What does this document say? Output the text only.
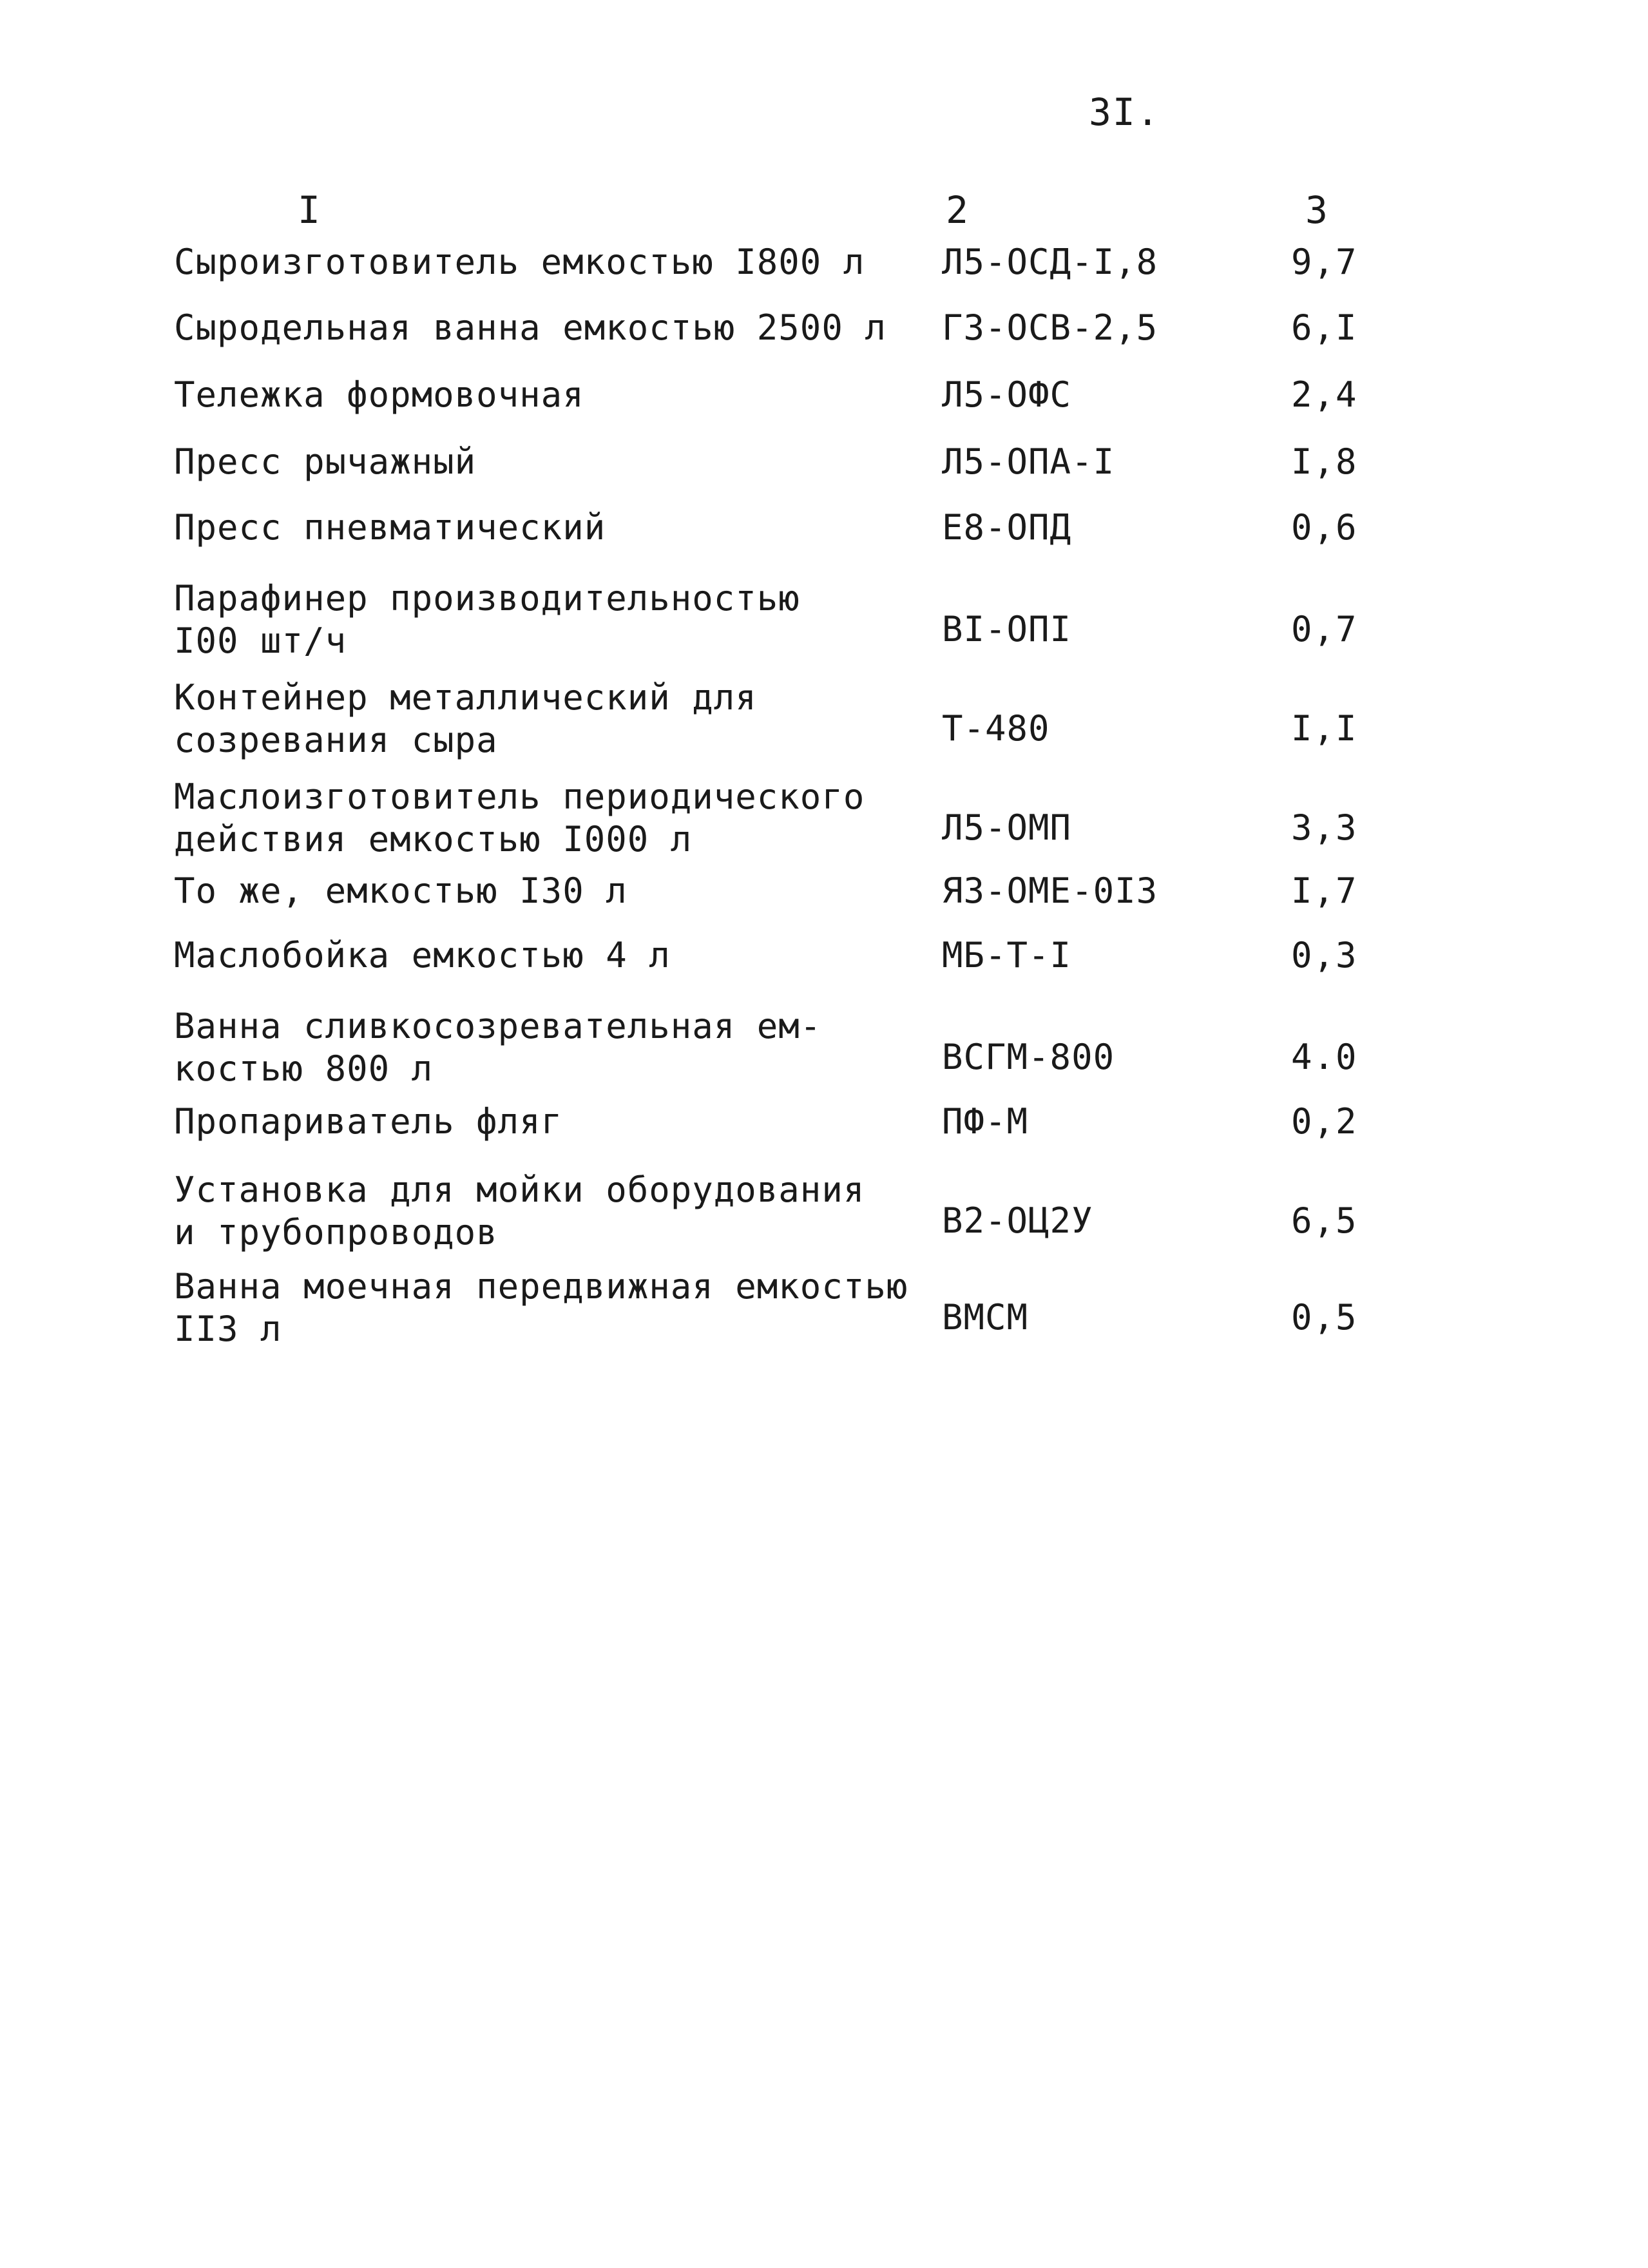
3I.
I	2	3
Сыроизготовитель емкостью I800 л	Л5-ОСД-I,8	9,7
Сыродельная ванна емкостью 2500 л	Г3-ОСВ-2,5	6,I
Тележка формовочная	Л5-ОФС	2,4
Пресс рычажный	Л5-ОПА-I	I,8
Пресс пневматический	Е8-ОПД	0,6
Парафинер производительностью
I00 шт/ч	ВI-ОПI	0,7
Контейнер металлический для
созревания сыра	Т-480	I,I
Маслоизготовитель периодического
действия емкостью I000 л	Л5-ОМП	3,3
То же, емкостью I30 л	Я3-ОМЕ-0I3	I,7
Маслобойка емкостью 4 л	МБ-Т-I	0,3
Ванна сливкосозревательная ем-
костью 800 л	ВСГМ-800	4.0
Пропариватель фляг	ПФ-М	0,2
Установка для мойки оборудования
и трубопроводов	В2-ОЦ2У	6,5
Ванна моечная передвижная емкостью
II3 л	ВМСМ	0,5
